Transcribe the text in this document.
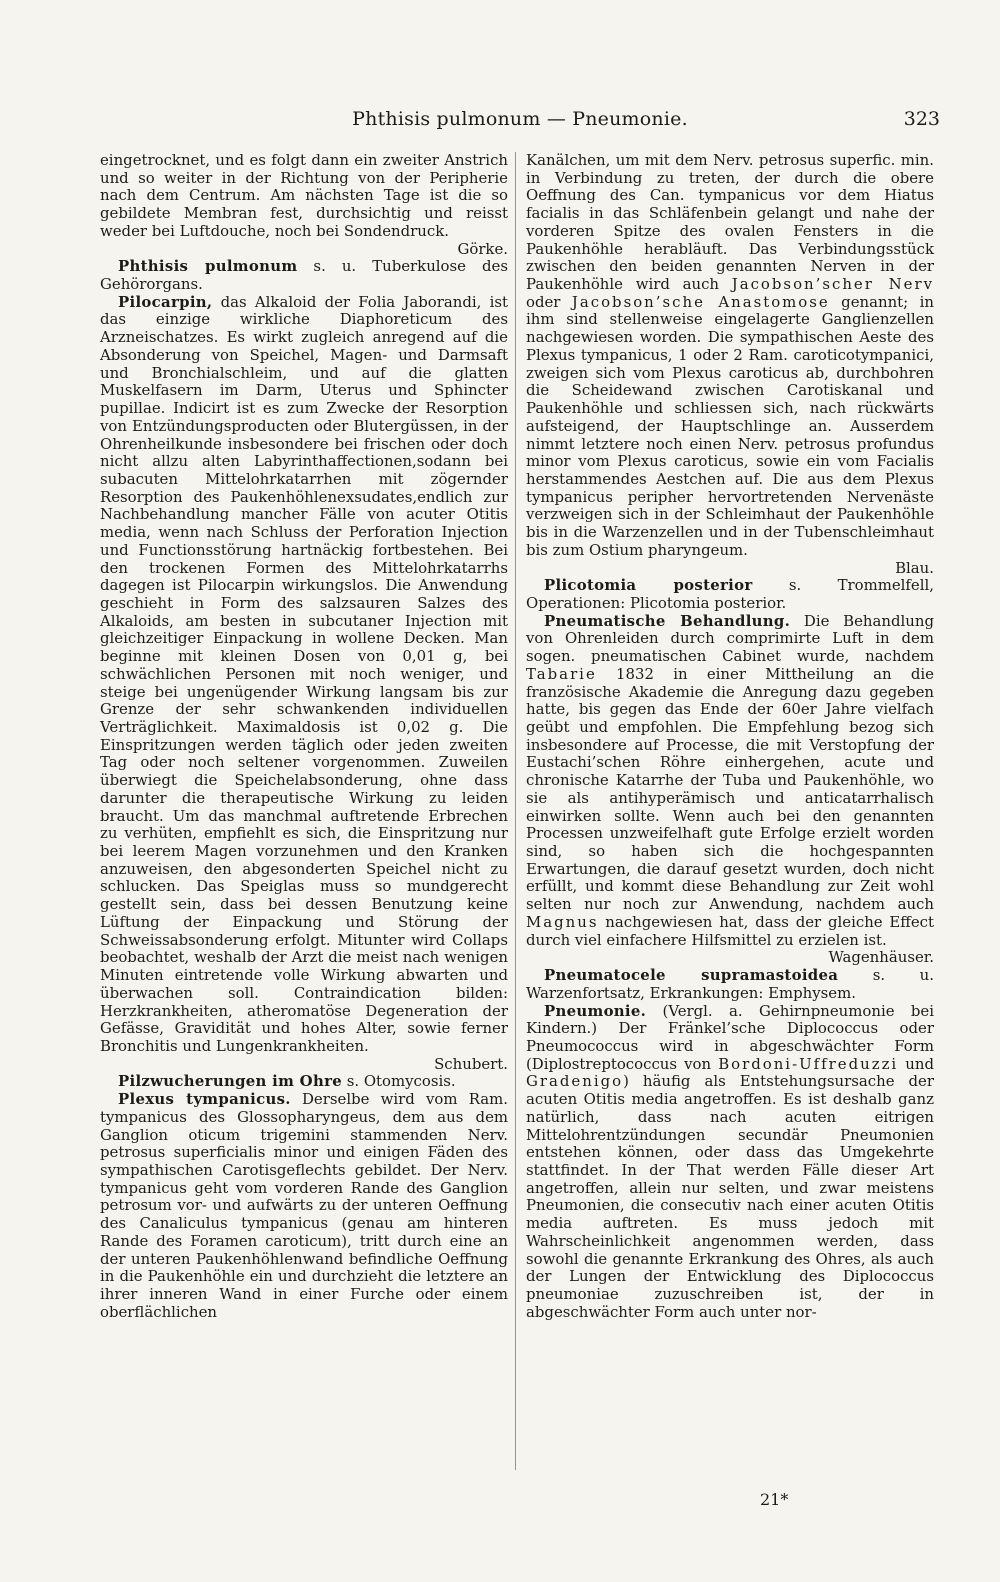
Phthisis pulmonum — Pneumonie.	323

eingetrocknet, und es folgt dann ein zweiter Anstrich und so weiter in der Richtung von der Peripherie nach dem Centrum. Am nächsten Tage ist die so gebildete Membran fest, durchsichtig und reisst weder bei Luftdouche, noch bei Sondendruck.
Görke.

Phthisis pulmonum s. u. Tuberkulose des Gehörorgans.

Pilocarpin, das Alkaloid der Folia Jaborandi, ist das einzige wirkliche Diaphoreticum des Arzneischatzes. Es wirkt zugleich anregend auf die Absonderung von Speichel, Magen- und Darmsaft und Bronchialschleim, und auf die glatten Muskelfasern im Darm, Uterus und Sphincter pupillae. Indicirt ist es zum Zwecke der Resorption von Entzündungsproducten oder Blutergüssen, in der Ohrenheilkunde insbesondere bei frischen oder doch nicht allzu alten Labyrinthaffectionen,sodann bei subacuten Mittelohrkatarrhen mit zögernder Resorption des Paukenhöhlenexsudates,endlich zur Nachbehandlung mancher Fälle von acuter Otitis media, wenn nach Schluss der Perforation Injection und Functionsstörung hartnäckig fortbestehen. Bei den trockenen Formen des Mittelohrkatarrhs dagegen ist Pilocarpin wirkungslos. Die Anwendung geschieht in Form des salzsauren Salzes des Alkaloids, am besten in subcutaner Injection mit gleichzeitiger Einpackung in wollene Decken. Man beginne mit kleinen Dosen von 0,01 g, bei schwächlichen Personen mit noch weniger, und steige bei ungenügender Wirkung langsam bis zur Grenze der sehr schwankenden individuellen Verträglichkeit. Maximaldosis ist 0,02 g. Die Einspritzungen werden täglich oder jeden zweiten Tag oder noch seltener vorgenommen. Zuweilen überwiegt die Speichelabsonderung, ohne dass darunter die therapeutische Wirkung zu leiden braucht. Um das manchmal auftretende Erbrechen zu verhüten, empfiehlt es sich, die Einspritzung nur bei leerem Magen vorzunehmen und den Kranken anzuweisen, den abgesonderten Speichel nicht zu schlucken. Das Speiglas muss so mundgerecht gestellt sein, dass bei dessen Benutzung keine Lüftung der Einpackung und Störung der Schweissabsonderung erfolgt. Mitunter wird Collaps beobachtet, weshalb der Arzt die meist nach wenigen Minuten eintretende volle Wirkung abwarten und überwachen soll. Contraindication bilden: Herzkrankheiten, atheromatöse Degeneration der Gefässe, Gravidität und hohes Alter, sowie ferner Bronchitis und Lungenkrankheiten.
Schubert.

Pilzwucherungen im Ohre s. Otomycosis.

Plexus tympanicus. Derselbe wird vom Ram. tympanicus des Glossopharyngeus, dem aus dem Ganglion oticum trigemini stammenden Nerv. petrosus superficialis minor und einigen Fäden des sympathischen Carotisgeflechts gebildet. Der Nerv. tympanicus geht vom vorderen Rande des Ganglion petrosum vor- und aufwärts zu der unteren Oeffnung des Canaliculus tympanicus (genau am hinteren Rande des Foramen caroticum), tritt durch eine an der unteren Paukenhöhlenwand befindliche Oeffnung in die Paukenhöhle ein und durchzieht die letztere an ihrer inneren Wand in einer Furche oder einem oberflächlichen

Kanälchen, um mit dem Nerv. petrosus superfic. min. in Verbindung zu treten, der durch die obere Oeffnung des Can. tympanicus vor dem Hiatus facialis in das Schläfenbein gelangt und nahe der vorderen Spitze des ovalen Fensters in die Paukenhöhle herabläuft. Das Verbindungsstück zwischen den beiden genannten Nerven in der Paukenhöhle wird auch Jacobson’scher Nerv oder Jacobson’sche Anastomose genannt; in ihm sind stellenweise eingelagerte Ganglienzellen nachgewiesen worden. Die sympathischen Aeste des Plexus tympanicus, 1 oder 2 Ram. caroticotympanici, zweigen sich vom Plexus caroticus ab, durchbohren die Scheidewand zwischen Carotiskanal und Paukenhöhle und schliessen sich, nach rückwärts aufsteigend, der Hauptschlinge an. Ausserdem nimmt letztere noch einen Nerv. petrosus profundus minor vom Plexus caroticus, sowie ein vom Facialis herstammendes Aestchen auf. Die aus dem Plexus tympanicus peripher hervortretenden Nervenäste verzweigen sich in der Schleimhaut der Paukenhöhle bis in die Warzenzellen und in der Tubenschleimhaut bis zum Ostium pharyngeum.
Blau.

Plicotomia posterior s. Trommelfell, Operationen: Plicotomia posterior.

Pneumatische Behandlung. Die Behandlung von Ohrenleiden durch comprimirte Luft in dem sogen. pneumatischen Cabinet wurde, nachdem Tabarie 1832 in einer Mittheilung an die französische Akademie die Anregung dazu gegeben hatte, bis gegen das Ende der 60er Jahre vielfach geübt und empfohlen. Die Empfehlung bezog sich insbesondere auf Processe, die mit Verstopfung der Eustachi’schen Röhre einhergehen, acute und chronische Katarrhe der Tuba und Paukenhöhle, wo sie als antihyperämisch und anticatarrhalisch einwirken sollte. Wenn auch bei den genannten Processen unzweifelhaft gute Erfolge erzielt worden sind, so haben sich die hochgespannten Erwartungen, die darauf gesetzt wurden, doch nicht erfüllt, und kommt diese Behandlung zur Zeit wohl selten nur noch zur Anwendung, nachdem auch Magnus nachgewiesen hat, dass der gleiche Effect durch viel einfachere Hilfsmittel zu erzielen ist.
Wagenhäuser.

Pneumatocele supramastoidea s. u. Warzenfortsatz, Erkrankungen: Emphysem.

Pneumonie. (Vergl. a. Gehirnpneumonie bei Kindern.) Der Fränkel’sche Diplococcus oder Pneumococcus wird in abgeschwächter Form (Diplostreptococcus von Bordoni-Uffreduzzi und Gradenigo) häufig als Entstehungsursache der acuten Otitis media angetroffen. Es ist deshalb ganz natürlich, dass nach acuten eitrigen Mittelohrentzündungen secundär Pneumonien entstehen können, oder dass das Umgekehrte stattfindet. In der That werden Fälle dieser Art angetroffen, allein nur selten, und zwar meistens Pneumonien, die consecutiv nach einer acuten Otitis media auftreten. Es muss jedoch mit Wahrscheinlichkeit angenommen werden, dass sowohl die genannte Erkrankung des Ohres, als auch der Lungen der Entwicklung des Diplococcus pneumoniae zuzuschreiben ist, der in abgeschwächter Form auch unter nor-

21*
